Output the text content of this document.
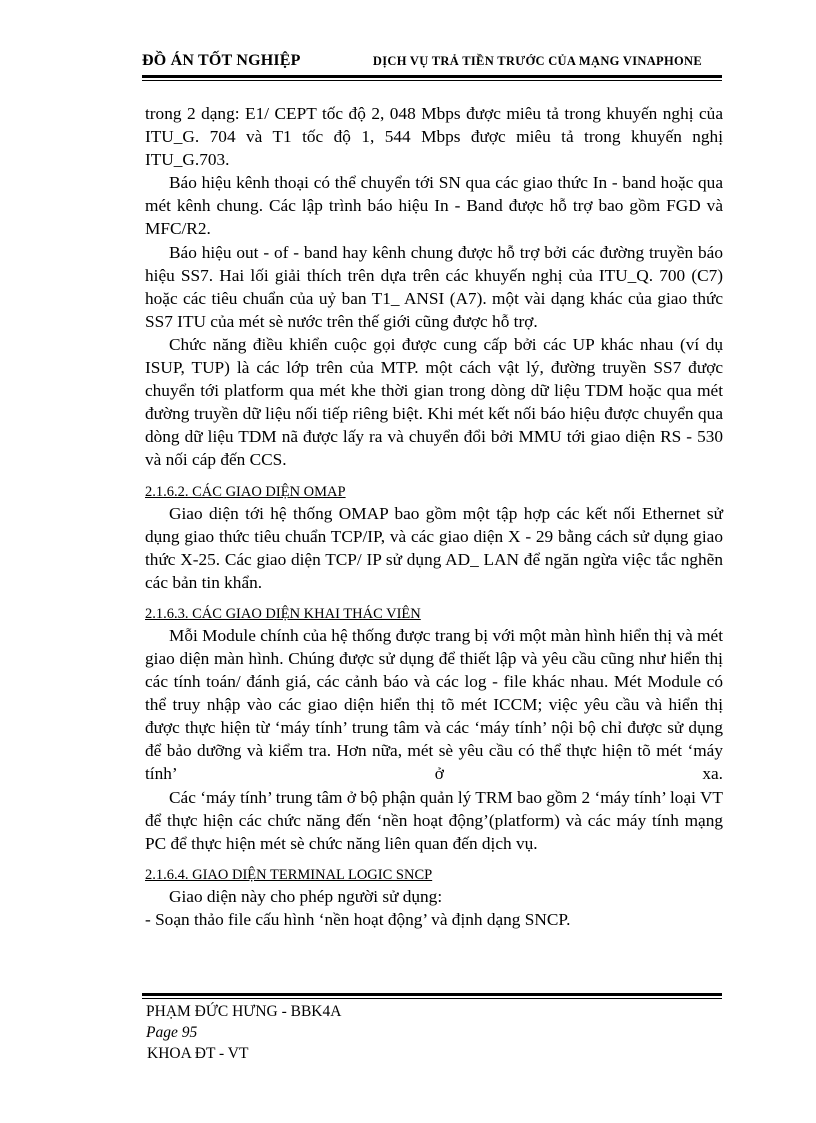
ĐỒ ÁN TỐT NGHIỆP	DỊCH VỤ TRẢ TIỀN TRƯỚC CỦA MẠNG VINAPHONE

trong 2 dạng: E1/ CEPT tốc độ 2, 048 Mbps được miêu tả trong khuyến nghị của ITU_G. 704 và T1 tốc độ 1, 544 Mbps được miêu tả trong khuyến nghị ITU_G.703.

Báo hiệu kênh thoại có thể chuyển tới SN qua các giao thức In - band hoặc qua mét kênh chung. Các lập trình báo hiệu In - Band được hỗ trợ bao gồm FGD và MFC/R2.

Báo hiệu out - of - band hay kênh chung được hỗ trợ bởi các đường truyền báo hiệu SS7. Hai lối giải thích trên dựa trên các khuyến nghị của ITU_Q. 700 (C7) hoặc các tiêu chuẩn của uỷ ban T1_ ANSI (A7). một vài dạng khác của giao thức SS7 ITU của mét sè nước trên thế giới cũng được hỗ trợ.

Chức năng điều khiển cuộc gọi được cung cấp bởi các UP khác nhau (ví dụ ISUP, TUP) là các lớp trên của MTP. một cách vật lý, đường truyền SS7 được chuyển tới platform qua mét khe thời gian trong dòng dữ liệu TDM hoặc qua mét đường truyền dữ liệu nối tiếp riêng biệt. Khi mét kết nối báo hiệu được chuyển qua dòng dữ liệu TDM nã được lấy ra và chuyển đổi bởi MMU tới giao diện RS - 530 và nối cáp đến CCS.

2.1.6.2. CÁC GIAO DIỆN OMAP

Giao diện tới hệ thống OMAP bao gồm một tập hợp các kết nối Ethernet sử dụng giao thức tiêu chuẩn TCP/IP, và các giao diện X - 29 bằng cách sử dụng giao thức X-25. Các giao diện TCP/ IP sử dụng AD_ LAN để ngăn ngừa việc tắc nghẽn các bản tin khẩn.

2.1.6.3. CÁC GIAO DIỆN KHAI THÁC VIÊN

Mỗi Module chính của hệ thống được trang bị với một màn hình hiển thị và mét giao diện màn hình. Chúng được sử dụng để thiết lập và yêu cầu cũng như hiển thị các tính toán/ đánh giá, các cảnh báo và các log - file khác nhau. Mét Module có thể truy nhập vào các giao diện hiển thị tõ mét ICCM; việc yêu cầu và hiển thị được thực hiện từ ‘máy tính’ trung tâm và các ‘máy tính’ nội bộ chỉ được sử dụng để bảo dưỡng và kiểm tra. Hơn nữa, mét sè yêu cầu có thể thực hiện tõ mét ‘máy tính’ ở xa.

Các ‘máy tính’ trung tâm ở bộ phận quản lý TRM bao gồm 2 ‘máy tính’ loại VT để thực hiện các chức năng đến ‘nền hoạt động’(platform) và các máy tính mạng PC để thực hiện mét sè chức năng liên quan đến dịch vụ.

2.1.6.4. GIAO DIỆN TERMINAL LOGIC SNCP

Giao diện này cho phép người sử dụng:

- Soạn thảo file cấu hình ‘nền hoạt động’ và định dạng SNCP.

PHẠM ĐỨC HƯNG - BBK4A
Page 95
KHOA ĐT - VT
